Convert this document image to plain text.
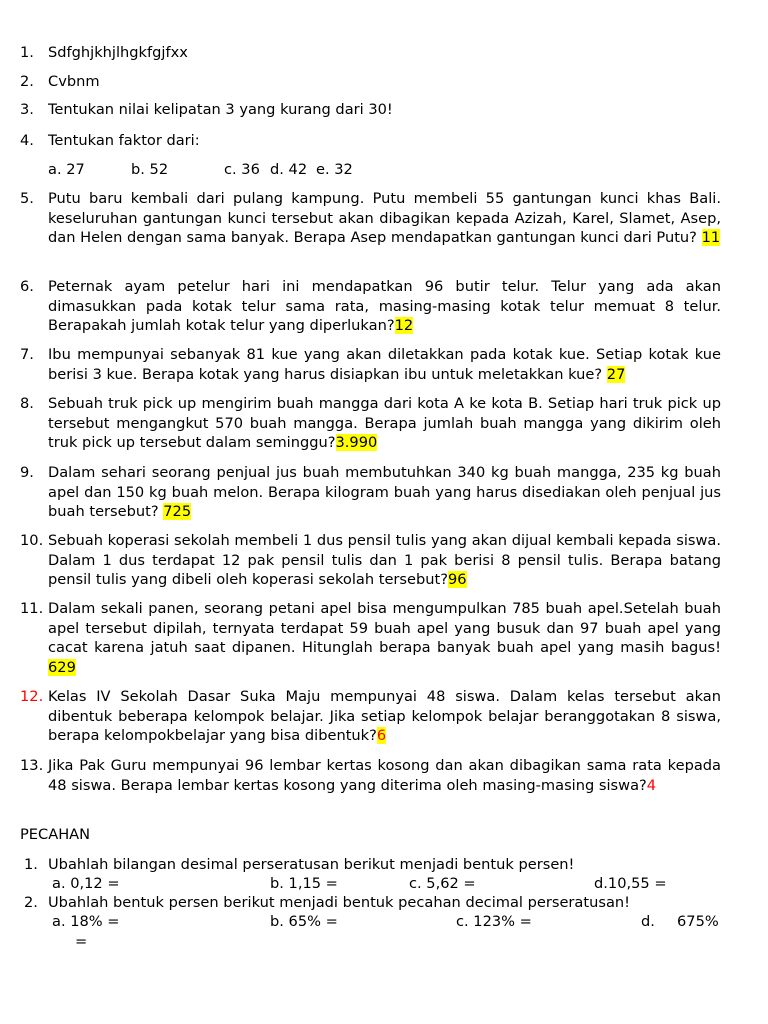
1. Sdfghjkhjlhgkfgjfxx
2. Cvbnm
3. Tentukan nilai kelipatan 3 yang kurang dari 30!
4. Tentukan faktor dari:
a. 27	b. 52	c. 36 d. 42 e. 32
5. Putu baru kembali dari pulang kampung. Putu membeli 55 gantungan kunci khas Bali. keseluruhan gantungan kunci tersebut akan dibagikan kepada Azizah, Karel, Slamet, Asep, dan Helen dengan sama banyak. Berapa Asep mendapatkan gantungan kunci dari Putu? 11
6. Peternak ayam petelur hari ini mendapatkan 96 butir telur. Telur yang ada akan dimasukkan pada kotak telur sama rata, masing-masing kotak telur memuat 8 telur. Berapakah jumlah kotak telur yang diperlukan?12
7. Ibu mempunyai sebanyak 81 kue yang akan diletakkan pada kotak kue. Setiap kotak kue berisi 3 kue. Berapa kotak yang harus disiapkan ibu untuk meletakkan kue? 27
8. Sebuah truk pick up mengirim buah mangga dari kota A ke kota B. Setiap hari truk pick up tersebut mengangkut 570 buah mangga. Berapa jumlah buah mangga yang dikirim oleh truk pick up tersebut dalam seminggu?3.990
9. Dalam sehari seorang penjual jus buah membutuhkan 340 kg buah mangga, 235 kg buah apel dan 150 kg buah melon. Berapa kilogram buah yang harus disediakan oleh penjual jus buah tersebut? 725
10. Sebuah koperasi sekolah membeli 1 dus pensil tulis yang akan dijual kembali kepada siswa. Dalam 1 dus terdapat 12 pak pensil tulis dan 1 pak berisi 8 pensil tulis. Berapa batang pensil tulis yang dibeli oleh koperasi sekolah tersebut?96
11. Dalam sekali panen, seorang petani apel bisa mengumpulkan 785 buah apel.Setelah buah apel tersebut dipilah, ternyata terdapat 59 buah apel yang busuk dan 97 buah apel yang cacat karena jatuh saat dipanen. Hitunglah berapa banyak buah apel yang masih bagus! 629
12. Kelas IV Sekolah Dasar Suka Maju mempunyai 48 siswa. Dalam kelas tersebut akan dibentuk beberapa kelompok belajar. Jika setiap kelompok belajar beranggotakan 8 siswa, berapa kelompokbelajar yang bisa dibentuk?6
13. Jika Pak Guru mempunyai 96 lembar kertas kosong dan akan dibagikan sama rata kepada 48 siswa. Berapa lembar kertas kosong yang diterima oleh masing-masing siswa?4
PECAHAN
1. Ubahlah bilangan desimal perseratusan berikut menjadi bentuk persen!
a. 0,12 =	b. 1,15 =	c. 5,62 =	d.10,55 =
2. Ubahlah bentuk persen berikut menjadi bentuk pecahan decimal perseratusan!
a. 18% =	b. 65% =	c. 123% =	d. 675%
=
